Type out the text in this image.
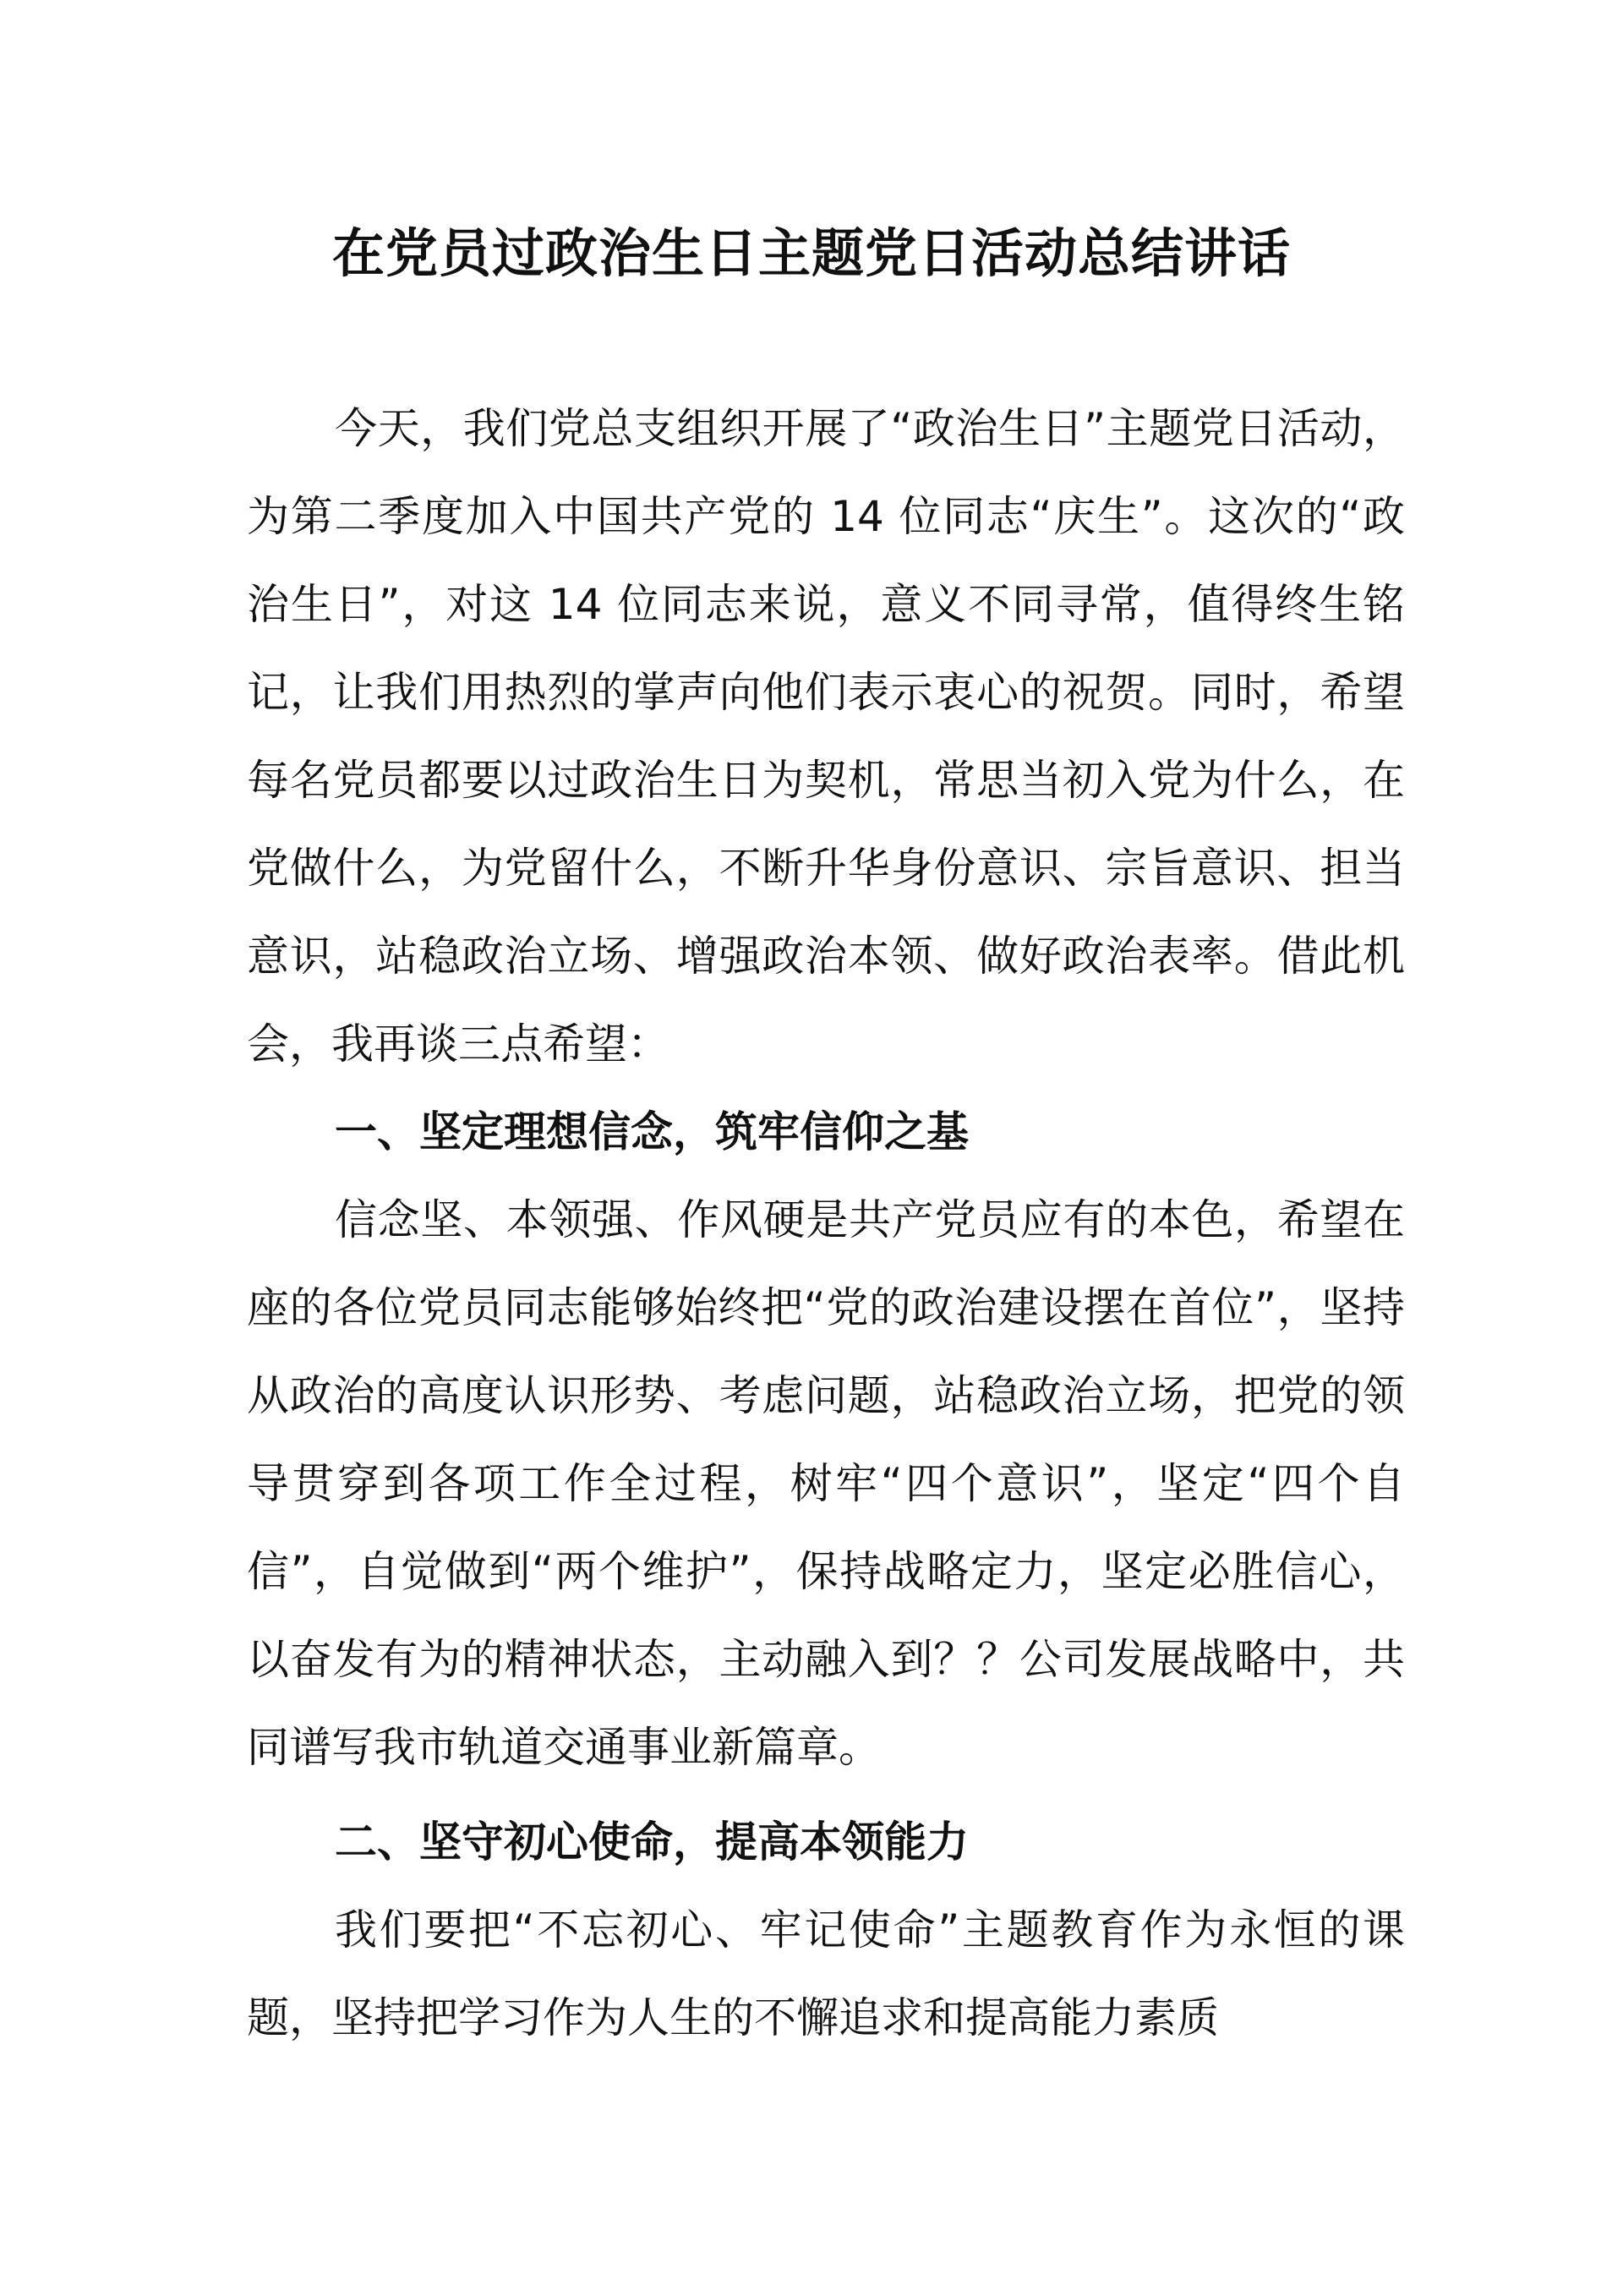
在党员过政治生日主题党日活动总结讲话

今天，我们党总支组织开展了“政治生日”主题党日活动，为第二季度加入中国共产党的 14 位同志“庆生”。这次的“政治生日”，对这 14 位同志来说，意义不同寻常，值得终生铭记，让我们用热烈的掌声向他们表示衷心的祝贺。同时，希望每名党员都要以过政治生日为契机，常思当初入党为什么，在党做什么，为党留什么，不断升华身份意识、宗旨意识、担当意识，站稳政治立场、增强政治本领、做好政治表率。借此机会，我再谈三点希望：

一、坚定理想信念，筑牢信仰之基

信念坚、本领强、作风硬是共产党员应有的本色，希望在座的各位党员同志能够始终把“党的政治建设摆在首位”，坚持从政治的高度认识形势、考虑问题，站稳政治立场，把党的领导贯穿到各项工作全过程，树牢“四个意识”，坚定“四个自信”，自觉做到“两个维护”，保持战略定力，坚定必胜信心，以奋发有为的精神状态，主动融入到？？公司发展战略中，共同谱写我市轨道交通事业新篇章。

二、坚守初心使命，提高本领能力

我们要把“不忘初心、牢记使命”主题教育作为永恒的课题，坚持把学习作为人生的不懈追求和提高能力素质
